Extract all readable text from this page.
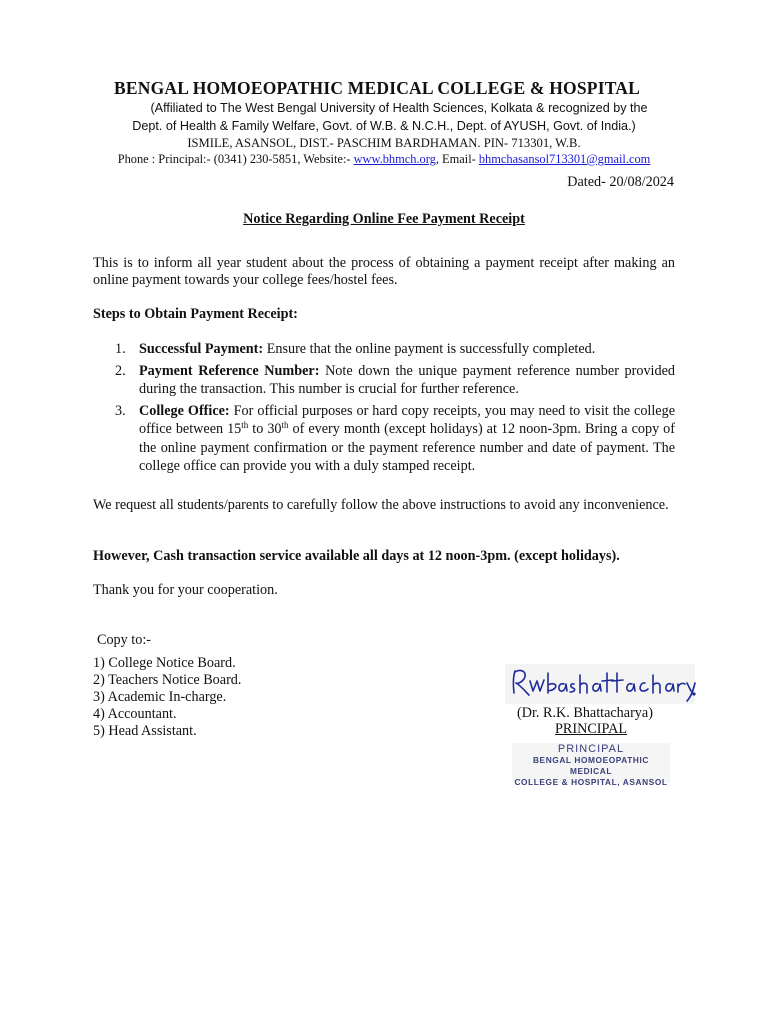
BENGAL HOMOEOPATHIC MEDICAL COLLEGE & HOSPITAL
(Affiliated to The West Bengal University of Health Sciences, Kolkata & recognized by the
Dept. of Health & Family Welfare, Govt. of W.B. & N.C.H., Dept. of AYUSH, Govt. of India.)
ISMILE, ASANSOL, DIST.- PASCHIM BARDHAMAN. PIN- 713301, W.B.
Phone : Principal:- (0341) 230-5851, Website:- www.bhmch.org, Email- bhmchasansol713301@gmail.com
Dated- 20/08/2024
Notice Regarding Online Fee Payment Receipt
This is to inform all year student about the process of obtaining a payment receipt after making an online payment towards your college fees/hostel fees.
Steps to Obtain Payment Receipt:
1. Successful Payment: Ensure that the online payment is successfully completed.
2. Payment Reference Number: Note down the unique payment reference number provided during the transaction. This number is crucial for further reference.
3. College Office: For official purposes or hard copy receipts, you may need to visit the college office between 15th to 30th of every month (except holidays) at 12 noon-3pm. Bring a copy of the online payment confirmation or the payment reference number and date of payment. The college office can provide you with a duly stamped receipt.
We request all students/parents to carefully follow the above instructions to avoid any inconvenience.
However, Cash transaction service available all days at 12 noon-3pm. (except holidays).
Thank you for your cooperation.
Copy to:-
1) College Notice Board.
2) Teachers Notice Board.
3) Academic In-charge.
4) Accountant.
5) Head Assistant.
(Dr. R.K. Bhattacharya)
PRINCIPAL
PRINCIPAL
BENGAL HOMOEOPATHIC MEDICAL
COLLEGE & HOSPITAL, ASANSOL
